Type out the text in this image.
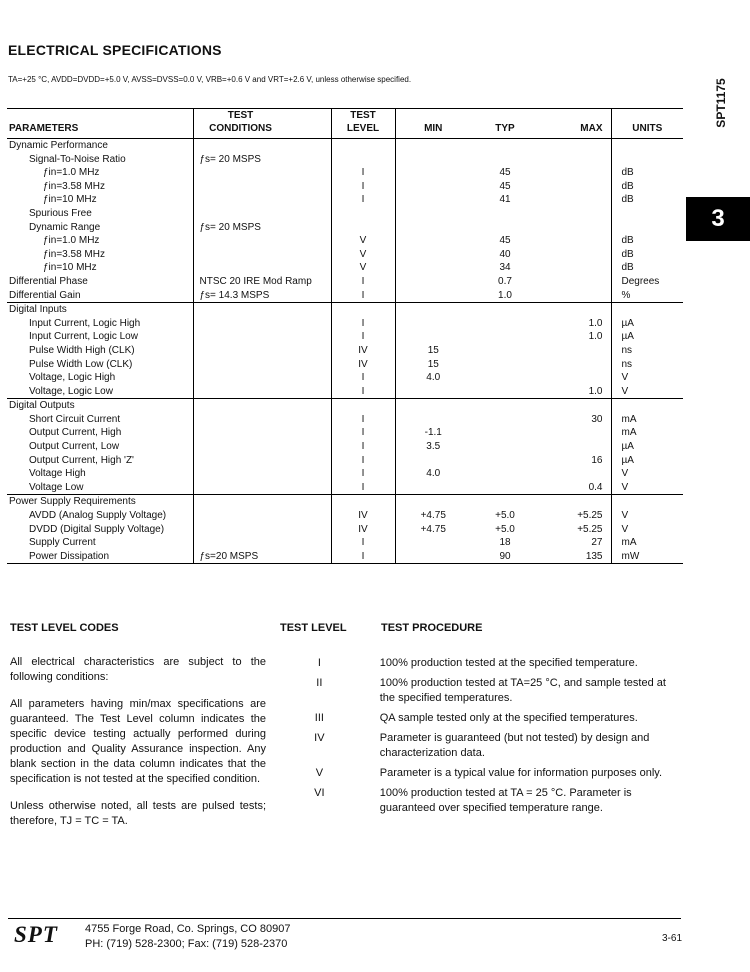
ELECTRICAL SPECIFICATIONS
TA=+25 °C, AVDD=DVDD=+5.0 V, AVSS=DVSS=0.0 V, VRB=+0.6 V and VRT=+2.6 V, unless otherwise specified.	SPT1175
3
PARAMETERS	TEST CONDITIONS	TEST LEVEL	MIN	TYP	MAX	UNITS
Dynamic Performance						
Signal-To-Noise Ratio	ƒs= 20 MSPS					
ƒin=1.0 MHz		I		45		dB
ƒin=3.58 MHz		I		45		dB
ƒin=10 MHz		I		41		dB
Spurious Free						
Dynamic Range	ƒs= 20 MSPS					
ƒin=1.0 MHz		V		45		dB
ƒin=3.58 MHz		V		40		dB
ƒin=10 MHz		V		34		dB
Differential Phase	NTSC 20 IRE Mod Ramp	I		0.7		Degrees
Differential Gain	ƒs= 14.3 MSPS	I		1.0		%
Digital Inputs						
Input Current, Logic High		I			1.0	µA
Input Current, Logic Low		I			1.0	µA
Pulse Width High (CLK)		IV	15			ns
Pulse Width Low (CLK)		IV	15			ns
Voltage, Logic High		I	4.0			V
Voltage, Logic Low		I			1.0	V
Digital Outputs						
Short Circuit Current		I			30	mA
Output Current, High		I	-1.1			mA
Output Current, Low		I	3.5			µA
Output Current, High 'Z'		I			16	µA
Voltage High		I	4.0			V
Voltage Low		I			0.4	V
Power Supply Requirements						
AVDD (Analog Supply Voltage)		IV	+4.75	+5.0	+5.25	V
DVDD (Digital Supply Voltage)		IV	+4.75	+5.0	+5.25	V
Supply Current		I		18	27	mA
Power Dissipation	ƒs=20 MSPS	I		90	135	mW
TEST LEVEL CODES	TEST LEVEL	TEST PROCEDURE

All electrical characteristics are subject to the following conditions:

All parameters having min/max specifications are guaranteed. The Test Level column indicates the specific device testing actually performed during production and Quality Assurance inspection. Any blank section in the data column indicates that the specification is not tested at the specified condition.

Unless otherwise noted, all tests are pulsed tests; therefore, TJ = TC = TA.

I	100% production tested at the specified temperature.
II	100% production tested at TA=25 °C, and sample tested at the specified temperatures.
III	QA sample tested only at the specified temperatures.
IV	Parameter is guaranteed (but not tested) by design and characterization data.
V	Parameter is a typical value for information purposes only.
VI	100% production tested at TA = 25 °C. Parameter is guaranteed over specified temperature range.
SPT 4755 Forge Road, Co. Springs, CO 80907
PH: (719) 528-2300; Fax: (719) 528-2370	3-61
